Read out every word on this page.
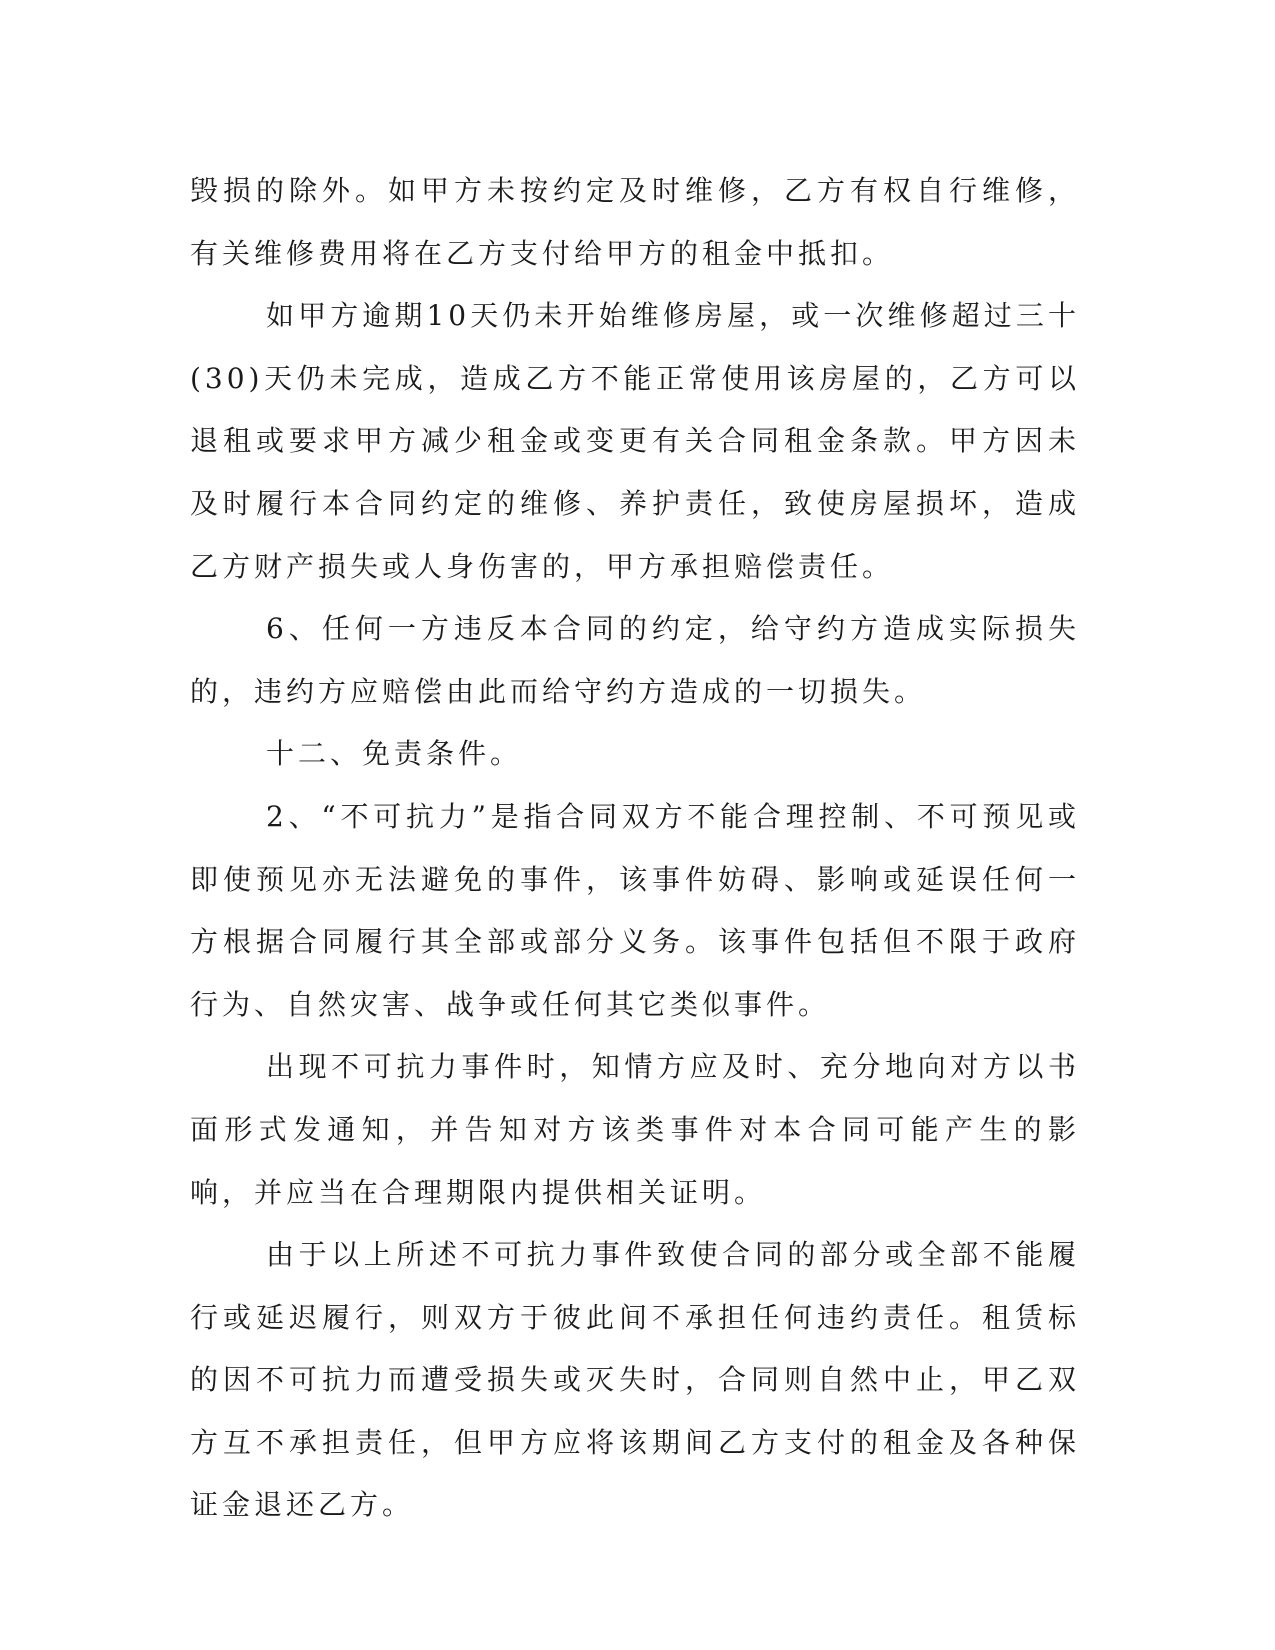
毁损的除外。如甲方未按约定及时维修，乙方有权自行维修，有关维修费用将在乙方支付给甲方的租金中抵扣。

如甲方逾期10天仍未开始维修房屋，或一次维修超过三十(30)天仍未完成，造成乙方不能正常使用该房屋的，乙方可以退租或要求甲方减少租金或变更有关合同租金条款。甲方因未及时履行本合同约定的维修、养护责任，致使房屋损坏，造成乙方财产损失或人身伤害的，甲方承担赔偿责任。

6、任何一方违反本合同的约定，给守约方造成实际损失的，违约方应赔偿由此而给守约方造成的一切损失。

十二、免责条件。

2、“不可抗力”是指合同双方不能合理控制、不可预见或即使预见亦无法避免的事件，该事件妨碍、影响或延误任何一方根据合同履行其全部或部分义务。该事件包括但不限于政府行为、自然灾害、战争或任何其它类似事件。

出现不可抗力事件时，知情方应及时、充分地向对方以书面形式发通知，并告知对方该类事件对本合同可能产生的影响，并应当在合理期限内提供相关证明。

由于以上所述不可抗力事件致使合同的部分或全部不能履行或延迟履行，则双方于彼此间不承担任何违约责任。租赁标的因不可抗力而遭受损失或灭失时，合同则自然中止，甲乙双方互不承担责任，但甲方应将该期间乙方支付的租金及各种保证金退还乙方。
